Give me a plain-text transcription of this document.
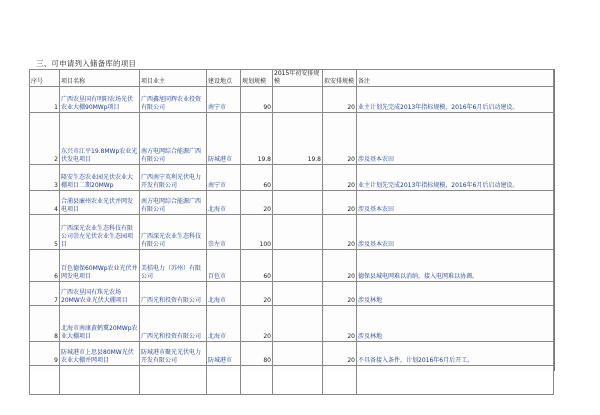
三、可申请列入储备库的项目
序号	项目名称	项目业主	建设地点	规划规模	2015年初安排规模	拟安排规模	备注
1	广西农垦国有明阳农场光伏农业大棚90MWp项目	广西鑫旭同辉农业投资有限公司	南宁市	90		20	业主计划先完成2013年指标规模，2016年6月后启动建设。
2	东兴市江平19.8MWp农业光伏发电项目	南方电网综合能源广西有限公司	防城港市	19.8	19.8	20	涉及基本农田
3	隆安生态农业园光伏农业大棚项目二期20MWp	广西南宁英利光伏电力开发有限公司	南宁市	60		20	业主计划先完成2013年指标规模，2016年6月后启动建设。
4	合浦县廉州农业光伏并网发电项目	南方电网综合能源广西有限公司	北海市	20		20	涉及基本农田
5	广西深光农业生态科技有限公司崇左光伏农业生态园项目	广西深光农业生态科技有限公司	崇左市	100		20	涉及基本农田
6	百色德保60MWp农业光伏并网发电项目	美桔电力（苏州）有限公司	百色市	60		20	德保县城电网难以消纳，接入电网难以协调。
7	广西农垦国有珠光农场20MW农业光伏大棚项目	广西光和投资有限公司	北海市	20		20	涉及林地
8	北海市南康黄鹤冀20MWp农业大棚项目	广西光和投资有限公司	北海市	20		20	涉及林地
9	防城港市上思县80MW光伏农业大棚并网项目	防城港市聚光光伏电力开发有限公司	防城港市	80		20	不具备接入条件，计划2016年6月后开工。
